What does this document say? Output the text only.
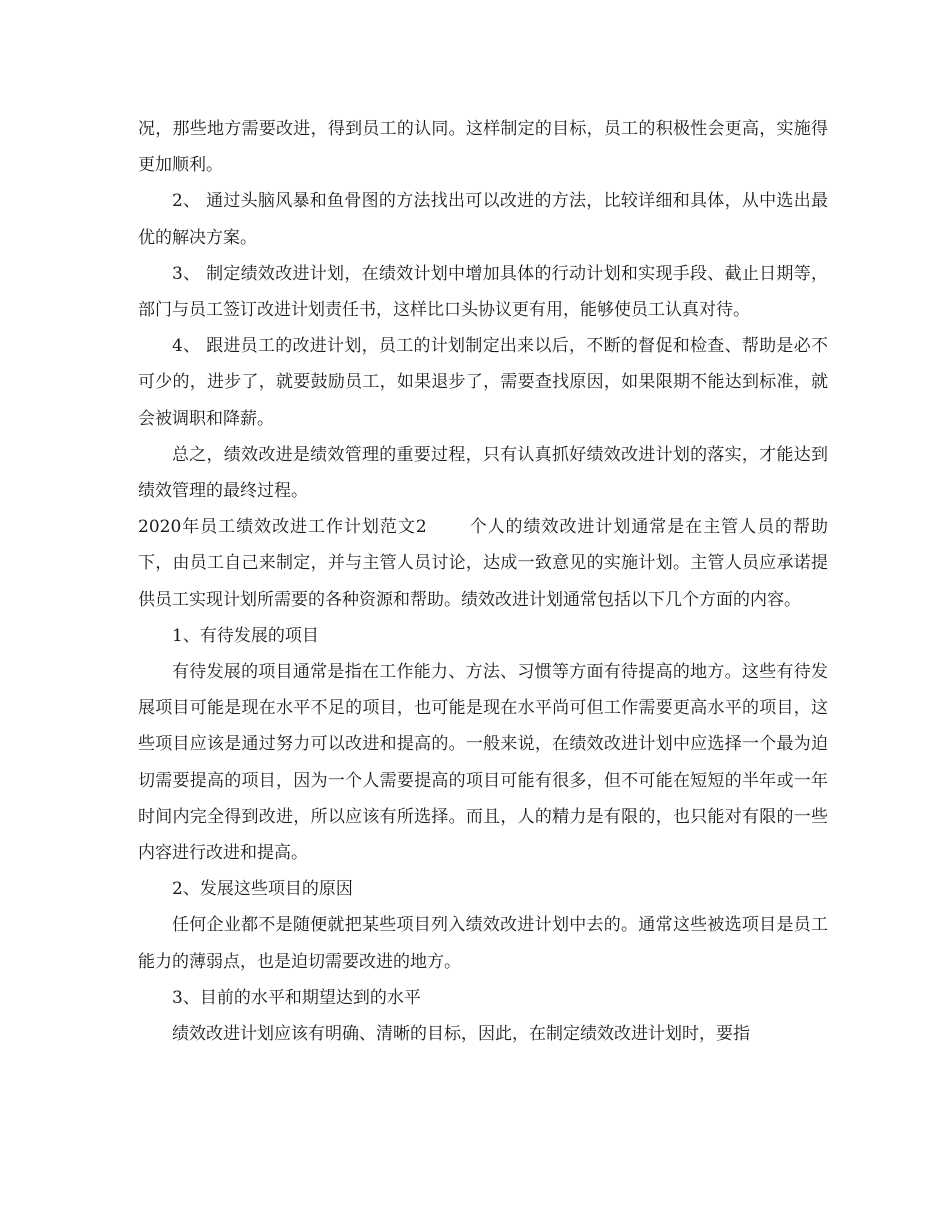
况，那些地方需要改进，得到员工的认同。这样制定的目标，员工的积极性会更高，实施得更加顺利。

2、 通过头脑风暴和鱼骨图的方法找出可以改进的方法，比较详细和具体，从中选出最优的解决方案。

3、 制定绩效改进计划，在绩效计划中增加具体的行动计划和实现手段、截止日期等，部门与员工签订改进计划责任书，这样比口头协议更有用，能够使员工认真对待。

4、 跟进员工的改进计划，员工的计划制定出来以后，不断的督促和检查、帮助是必不可少的，进步了，就要鼓励员工，如果退步了，需要查找原因，如果限期不能达到标准，就会被调职和降薪。

总之，绩效改进是绩效管理的重要过程，只有认真抓好绩效改进计划的落实，才能达到绩效管理的最终过程。

2020年员工绩效改进工作计划范文2 个人的绩效改进计划通常是在主管人员的帮助下，由员工自己来制定，并与主管人员讨论，达成一致意见的实施计划。主管人员应承诺提供员工实现计划所需要的各种资源和帮助。绩效改进计划通常包括以下几个方面的内容。

1、有待发展的项目

有待发展的项目通常是指在工作能力、方法、习惯等方面有待提高的地方。这些有待发展项目可能是现在水平不足的项目，也可能是现在水平尚可但工作需要更高水平的项目，这些项目应该是通过努力可以改进和提高的。一般来说，在绩效改进计划中应选择一个最为迫切需要提高的项目，因为一个人需要提高的项目可能有很多，但不可能在短短的半年或一年时间内完全得到改进，所以应该有所选择。而且，人的精力是有限的，也只能对有限的一些内容进行改进和提高。

2、发展这些项目的原因

任何企业都不是随便就把某些项目列入绩效改进计划中去的。通常这些被选项目是员工能力的薄弱点，也是迫切需要改进的地方。

3、目前的水平和期望达到的水平

绩效改进计划应该有明确、清晰的目标，因此，在制定绩效改进计划时，要指
